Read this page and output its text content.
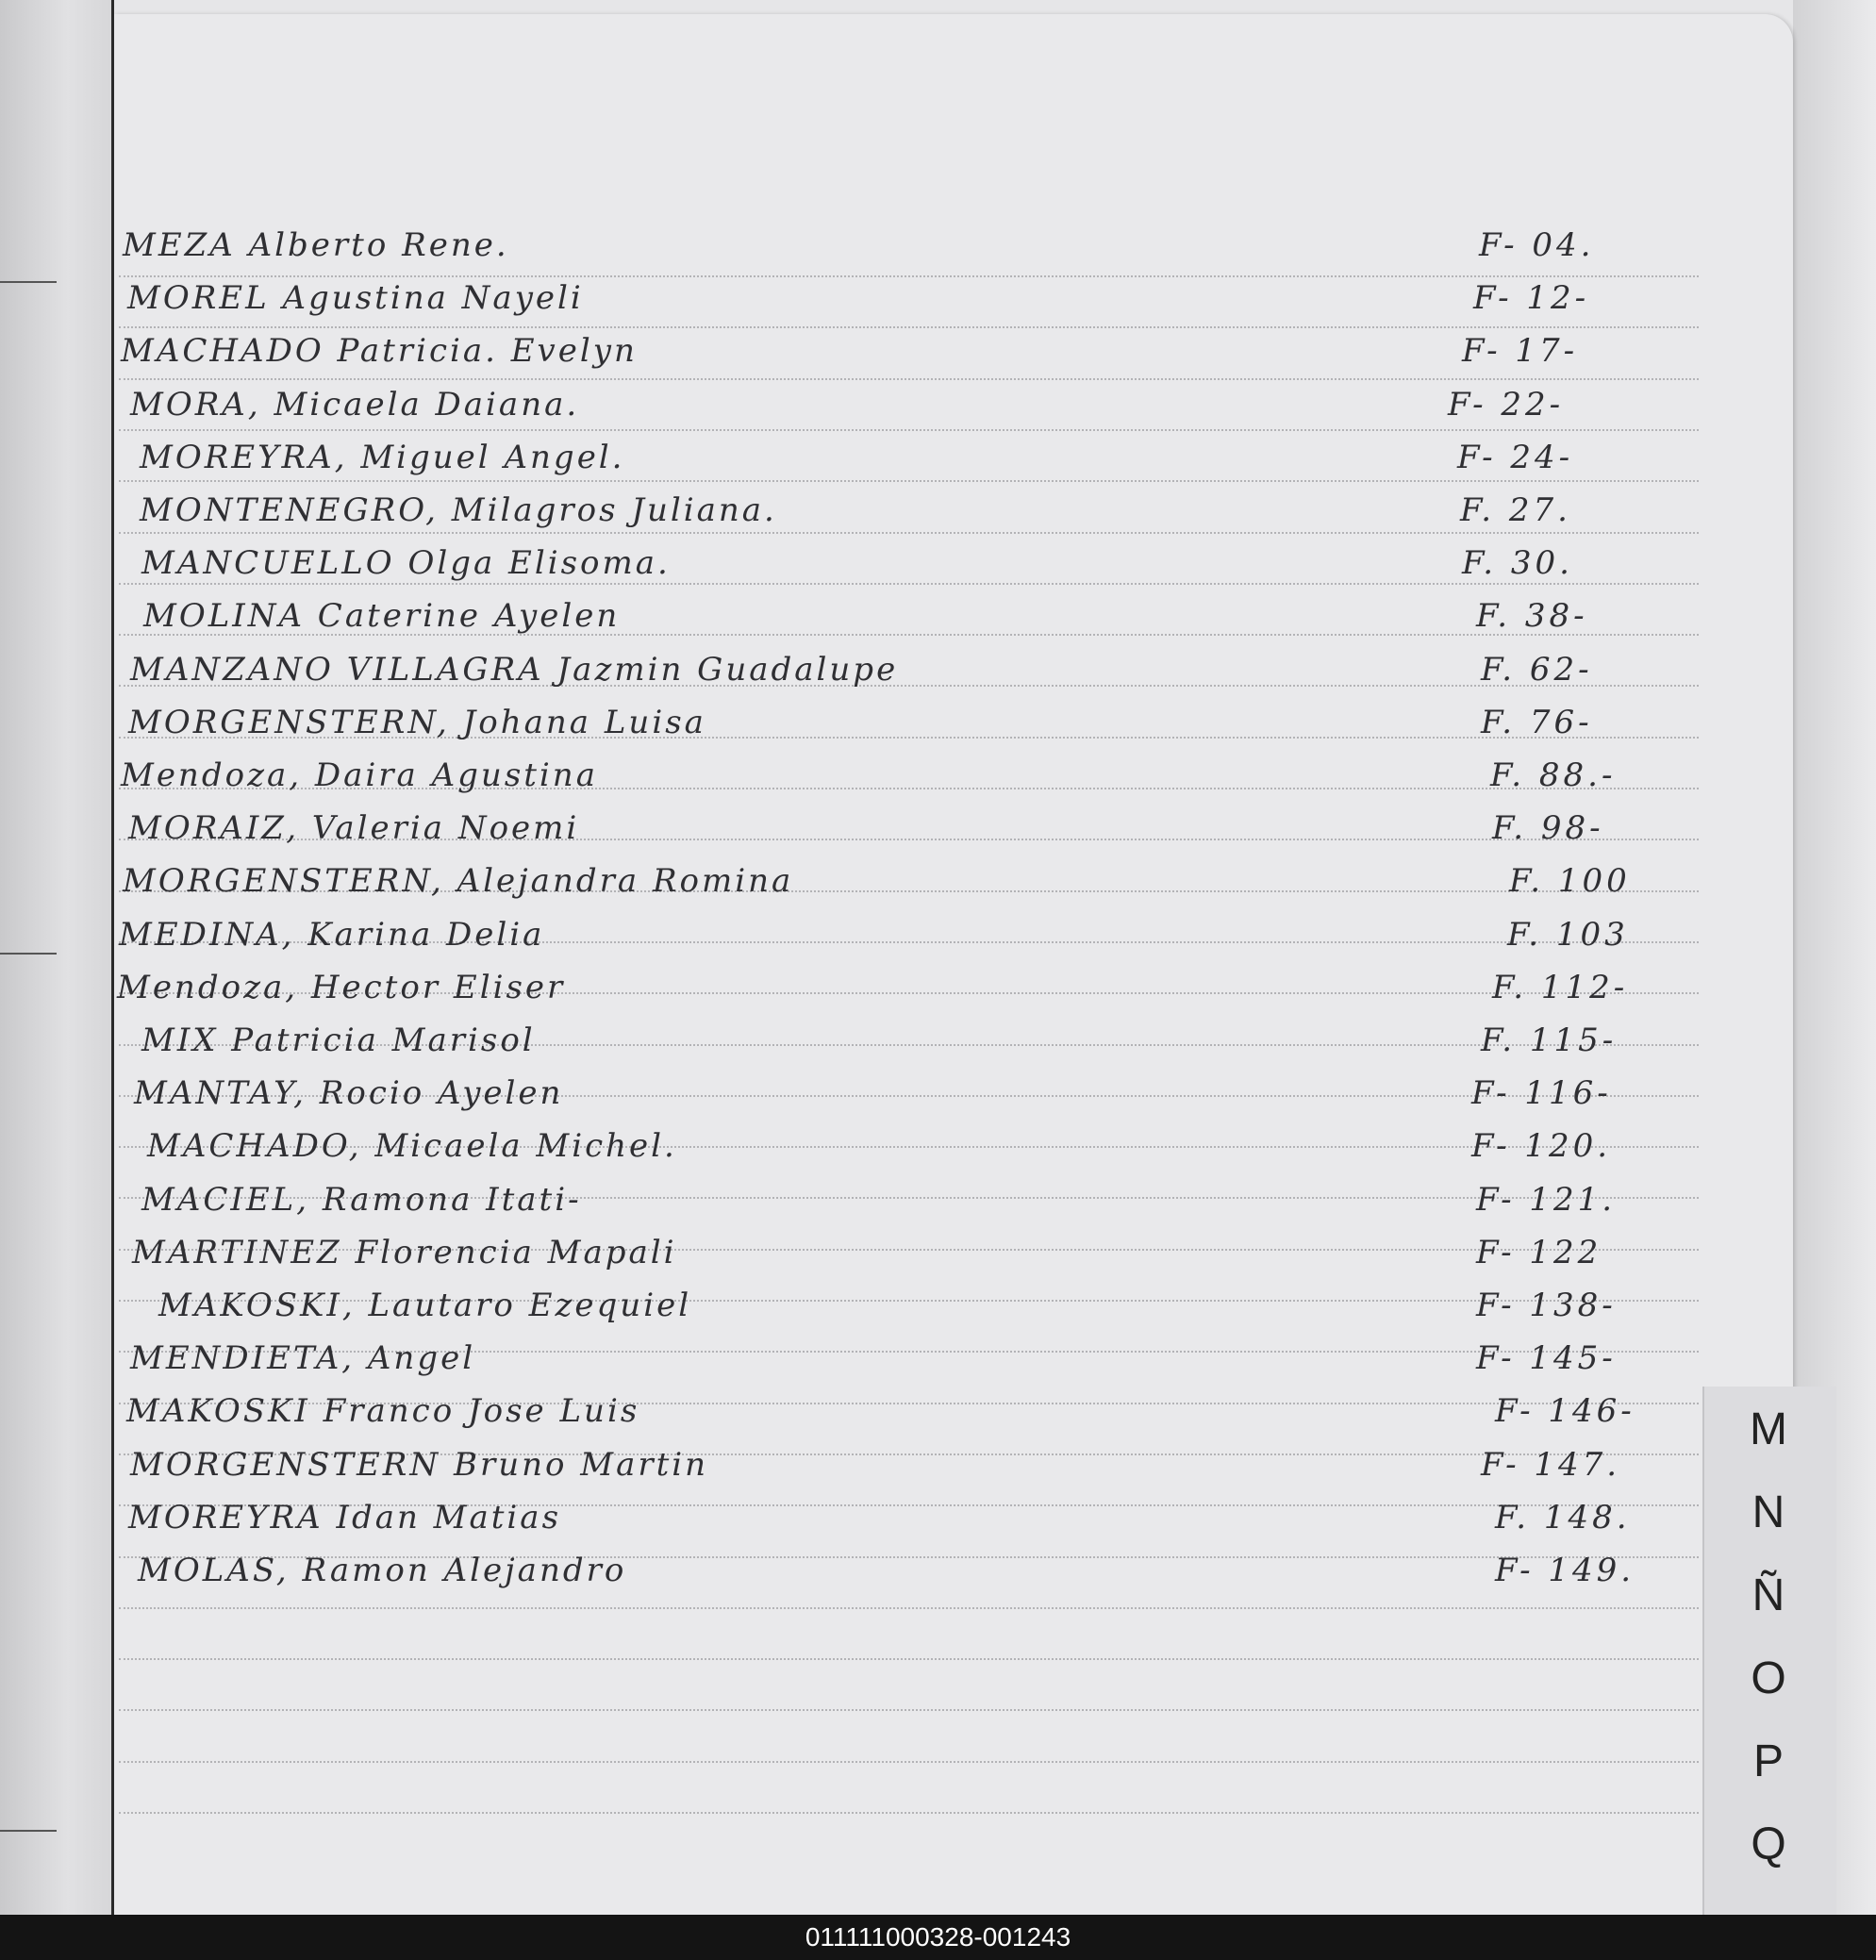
MEZA Alberto Rene.	F- 04.
MOREL Agustina Nayeli	F- 12-
MACHADO Patricia. Evelyn	F- 17-
MORA, Micaela Daiana.	F- 22-
MOREYRA, Miguel Angel.	F- 24-
MONTENEGRO, Milagros Juliana.	F. 27.
MANCUELLO Olga Elisoma.	F. 30.
MOLINA Caterine Ayelen	F. 38-
MANZANO VILLAGRA Jazmin Guadalupe	F. 62-
MORGENSTERN, Johana Luisa	F. 76-
Mendoza, Daira Agustina	F. 88.-
MORAIZ, Valeria Noemi	F. 98-
MORGENSTERN, Alejandra Romina	F. 100
MEDINA, Karina Delia	F. 103
Mendoza, Hector Eliser	F. 112-
MIX Patricia Marisol	F. 115-
MANTAY, Rocio Ayelen	F- 116-
MACHADO, Micaela Michel.	F- 120.
MACIEL, Ramona Itati-	F- 121.
MARTINEZ Florencia Mapali	F- 122
MAKOSKI, Lautaro Ezequiel	F- 138-
MENDIETA, Angel	F- 145-
MAKOSKI Franco Jose Luis	F- 146-
MORGENSTERN Bruno Martin	F- 147.
MOREYRA Idan Matias	F. 148.
MOLAS, Ramon Alejandro	F- 149.
M
N
Ñ
O
P
Q
011111000328-001243
